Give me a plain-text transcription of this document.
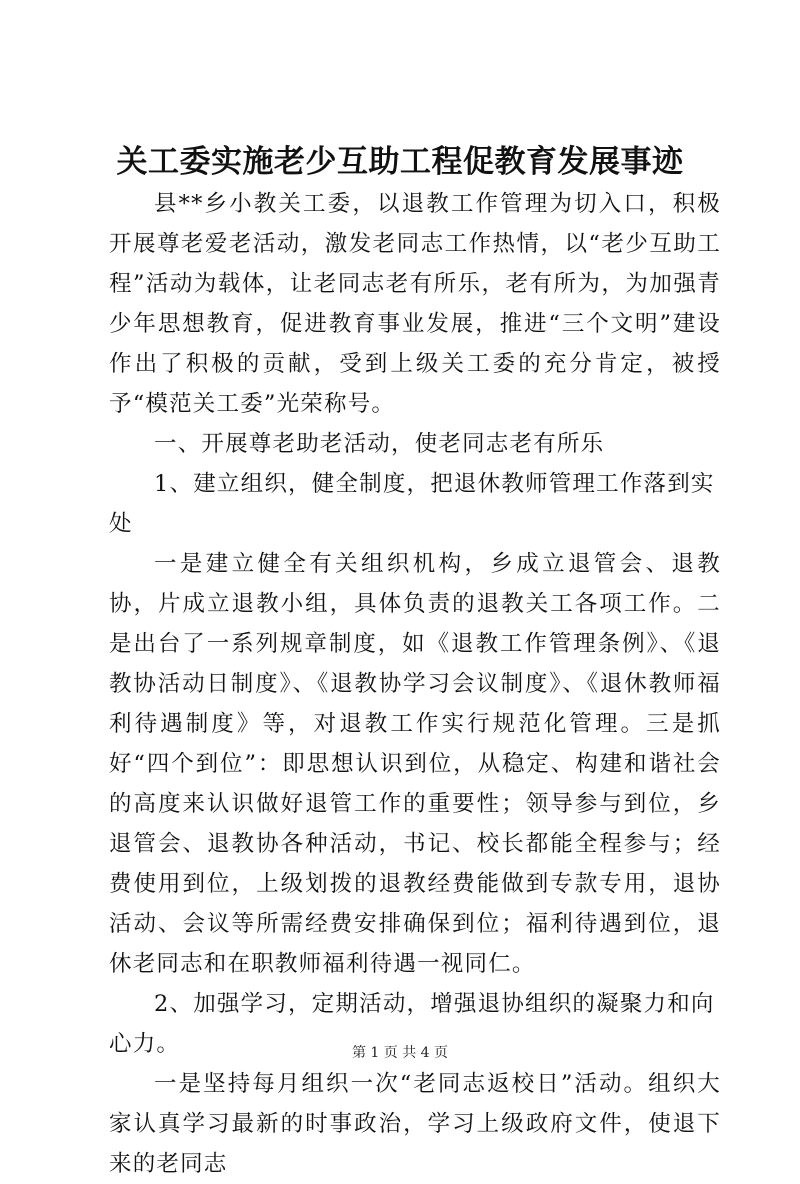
关工委实施老少互助工程促教育发展事迹

县**乡小教关工委，以退教工作管理为切入口，积极开展尊老爱老活动，激发老同志工作热情，以“老少互助工程”活动为载体，让老同志老有所乐，老有所为，为加强青少年思想教育，促进教育事业发展，推进“三个文明”建设作出了积极的贡献，受到上级关工委的充分肯定，被授予“模范关工委”光荣称号。

一、开展尊老助老活动，使老同志老有所乐

1、建立组织，健全制度，把退休教师管理工作落到实处

一是建立健全有关组织机构，乡成立退管会、退教协，片成立退教小组，具体负责的退教关工各项工作。二是出台了一系列规章制度，如《退教工作管理条例》、《退教协活动日制度》、《退教协学习会议制度》、《退休教师福利待遇制度》等，对退教工作实行规范化管理。三是抓好“四个到位”：即思想认识到位，从稳定、构建和谐社会的高度来认识做好退管工作的重要性；领导参与到位，乡退管会、退教协各种活动，书记、校长都能全程参与；经费使用到位，上级划拨的退教经费能做到专款专用，退协活动、会议等所需经费安排确保到位；福利待遇到位，退休老同志和在职教师福利待遇一视同仁。

2、加强学习，定期活动，增强退协组织的凝聚力和向心力。

一是坚持每月组织一次“老同志返校日”活动。组织大家认真学习最新的时事政治，学习上级政府文件，使退下来的老同志

第 1 页 共 4 页
